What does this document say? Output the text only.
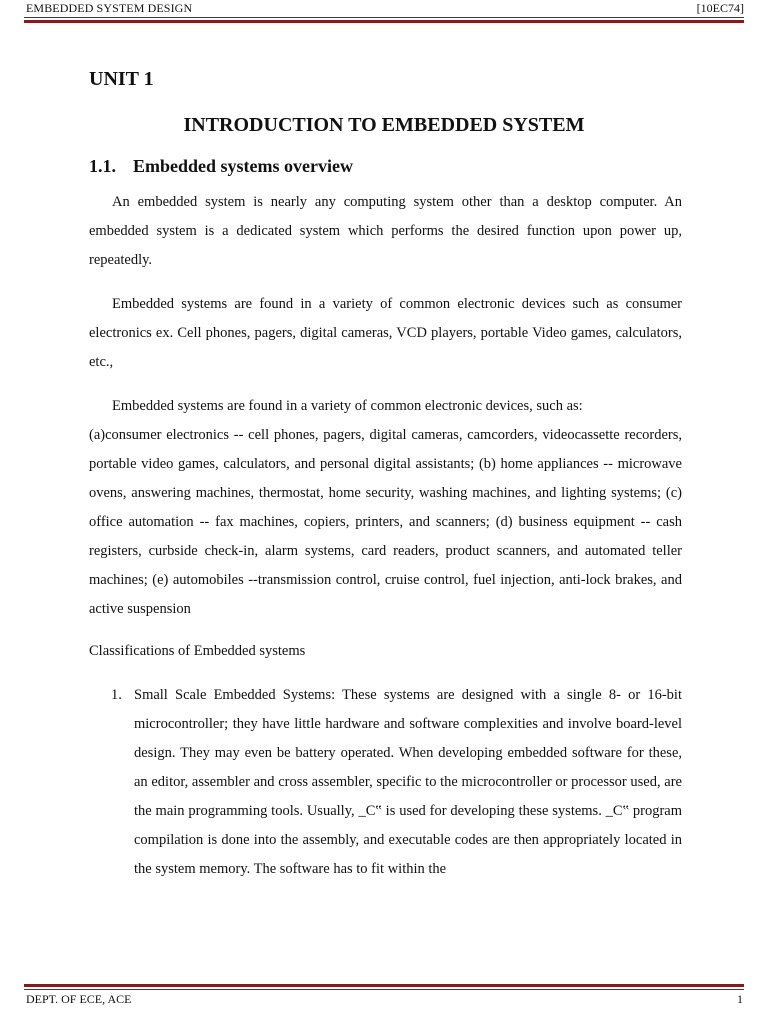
EMBEDDED SYSTEM DESIGN	[10EC74]
UNIT 1
INTRODUCTION TO EMBEDDED SYSTEM
1.1. Embedded systems overview
An embedded system is nearly any computing system other than a desktop computer. An embedded system is a dedicated system which performs the desired function upon power up, repeatedly.
Embedded systems are found in a variety of common electronic devices such as consumer electronics ex. Cell phones, pagers, digital cameras, VCD players, portable Video games, calculators, etc.,
Embedded systems are found in a variety of common electronic devices, such as:
(a)consumer electronics -- cell phones, pagers, digital cameras, camcorders, videocassette recorders, portable video games, calculators, and personal digital assistants; (b) home appliances -- microwave ovens, answering machines, thermostat, home security, washing machines, and lighting systems; (c) office automation -- fax machines, copiers, printers, and scanners; (d) business equipment -- cash registers, curbside check-in, alarm systems, card readers, product scanners, and automated teller machines; (e) automobiles --transmission control, cruise control, fuel injection, anti-lock brakes, and active suspension
Classifications of Embedded systems
1. Small Scale Embedded Systems: These systems are designed with a single 8- or 16-bit microcontroller; they have little hardware and software complexities and involve board-level design. They may even be battery operated. When developing embedded software for these, an editor, assembler and cross assembler, specific to the microcontroller or processor used, are the main programming tools. Usually, _C‟ is used for developing these systems. _C‟ program compilation is done into the assembly, and executable codes are then appropriately located in the system memory. The software has to fit within the
DEPT. OF ECE, ACE	1
